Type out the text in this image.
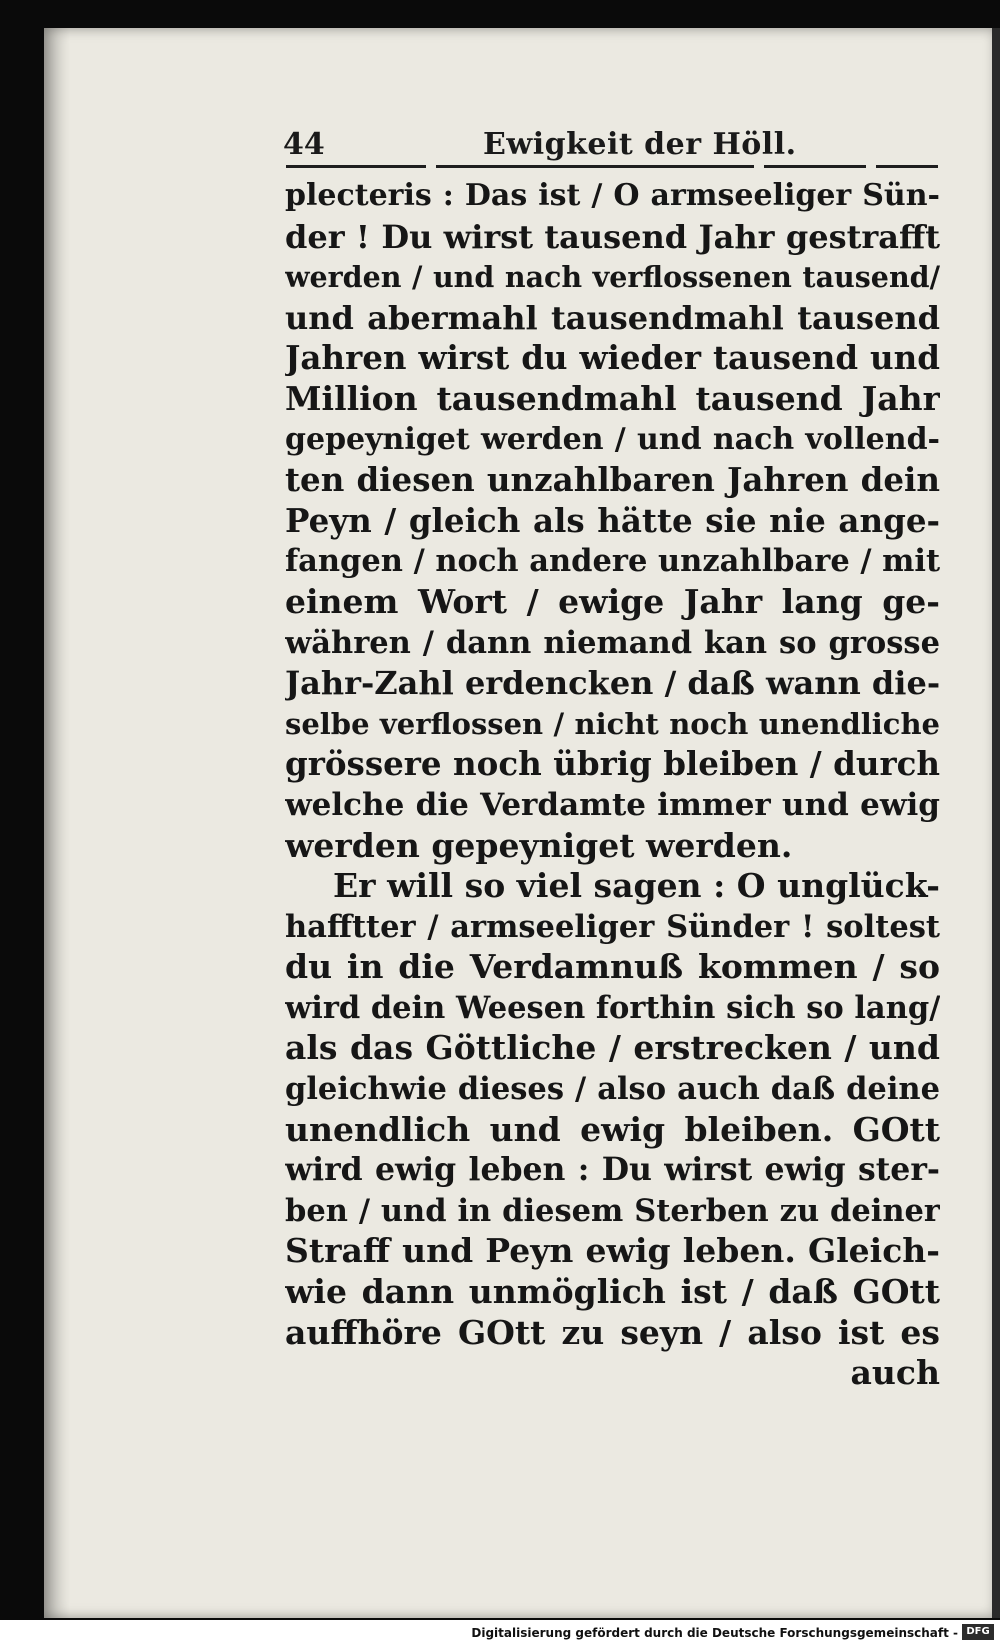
44	Ewigkeit der Höll.
plecteris : Das ist / O armseeliger Sün-
der ! Du wirst tausend Jahr gestrafft
werden / und nach verflossenen tausend/
und abermahl tausendmahl tausend
Jahren wirst du wieder tausend und
Million tausendmahl tausend Jahr
gepeyniget werden / und nach vollend-
ten diesen unzahlbaren Jahren dein
Peyn / gleich als hätte sie nie ange-
fangen / noch andere unzahlbare / mit
einem Wort / ewige Jahr lang ge-
währen / dann niemand kan so grosse
Jahr-Zahl erdencken / daß wann die-
selbe verflossen / nicht noch unendliche
grössere noch übrig bleiben / durch
welche die Verdamte immer und ewig
werden gepeyniget werden.
Er will so viel sagen : O unglück-
hafftter / armseeliger Sünder ! soltest
du in die Verdamnuß kommen / so
wird dein Weesen forthin sich so lang/
als das Göttliche / erstrecken / und
gleichwie dieses / also auch daß deine
unendlich und ewig bleiben. GOtt
wird ewig leben : Du wirst ewig ster-
ben / und in diesem Sterben zu deiner
Straff und Peyn ewig leben. Gleich-
wie dann unmöglich ist / daß GOtt
auffhöre GOtt zu seyn / also ist es
auch
Digitalisierung gefördert durch die Deutsche Forschungsgemeinschaft - DFG
